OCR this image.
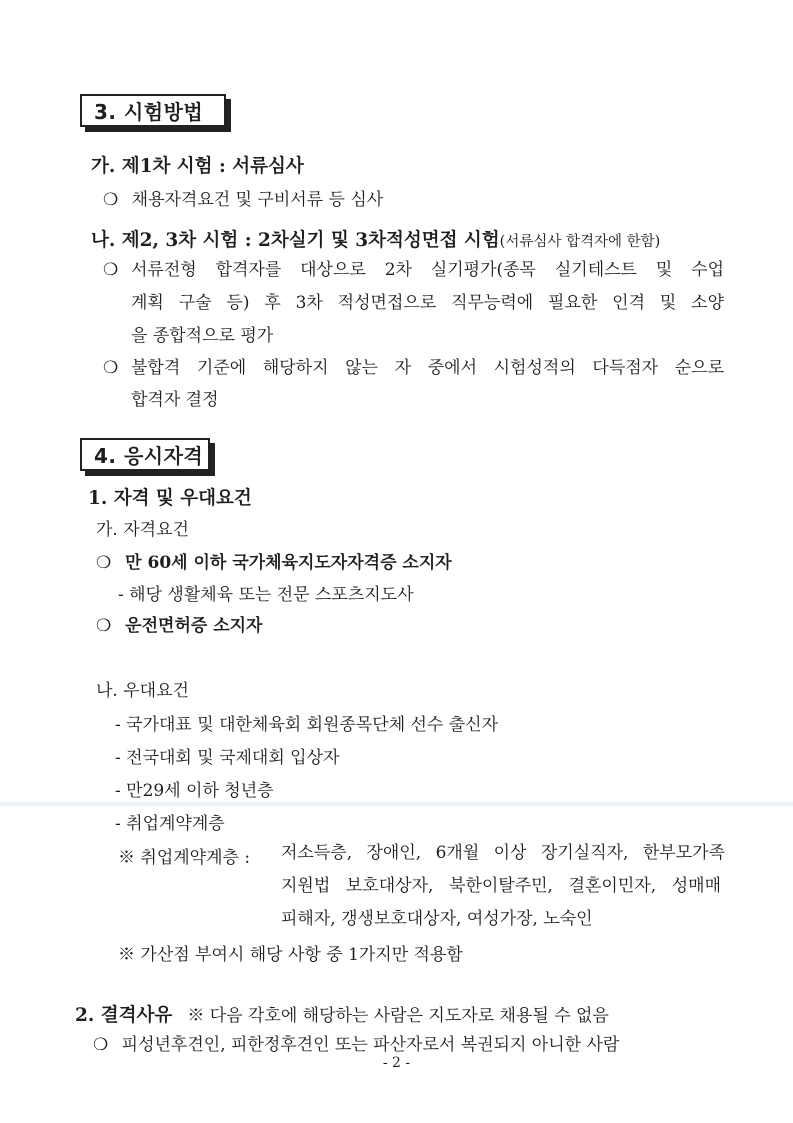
3. 시험방법
가. 제1차 시험 : 서류심사
❍ 채용자격요건 및 구비서류 등 심사
나. 제2, 3차 시험 : 2차실기 및 3차적성면접 시험(서류심사 합격자에 한함)
❍ 서류전형 합격자를 대상으로 2차 실기평가(종목 실기테스트 및 수업
계획 구술 등) 후 3차 적성면접으로 직무능력에 필요한 인격 및 소양
을 종합적으로 평가
❍ 불합격 기준에 해당하지 않는 자 중에서 시험성적의 다득점자 순으로
합격자 결정
4. 응시자격
1. 자격 및 우대요건
가. 자격요건
❍ 만 60세 이하 국가체육지도자자격증 소지자
- 해당 생활체육 또는 전문 스포츠지도사
❍ 운전면허증 소지자
나. 우대요건
- 국가대표 및 대한체육회 회원종목단체 선수 출신자
- 전국대회 및 국제대회 입상자
- 만29세 이하 청년층
- 취업계약계층
※ 취업계약계층 : 저소득층, 장애인, 6개월 이상 장기실직자, 한부모가족
지원법 보호대상자, 북한이탈주민, 결혼이민자, 성매매
피해자, 갱생보호대상자, 여성가장, 노숙인
※ 가산점 부여시 해당 사항 중 1가지만 적용함
2. 결격사유 ※ 다음 각호에 해당하는 사람은 지도자로 채용될 수 없음
❍ 피성년후견인, 피한정후견인 또는 파산자로서 복권되지 아니한 사람
- 2 -
